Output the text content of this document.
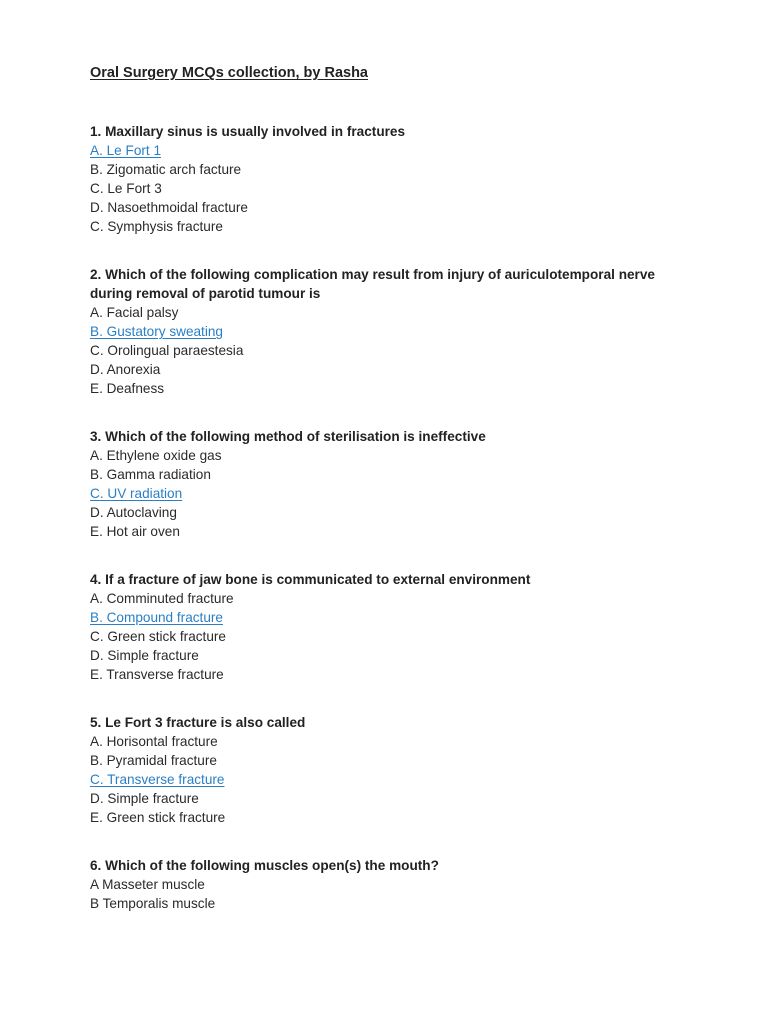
Oral Surgery MCQs collection, by Rasha
1. Maxillary sinus is usually involved in fractures
A. Le Fort 1
B. Zigomatic arch facture
C. Le Fort 3
D. Nasoethmoidal fracture
C. Symphysis fracture
2. Which of the following complication may result from injury of auriculotemporal nerve during removal of parotid tumour is
A. Facial palsy
B. Gustatory sweating
C. Orolingual paraestesia
D. Anorexia
E. Deafness
3. Which of the following method of sterilisation is ineffective
A. Ethylene oxide gas
B. Gamma radiation
C. UV radiation
D. Autoclaving
E. Hot air oven
4. If a fracture of jaw bone is communicated to external environment
A. Comminuted fracture
B. Compound fracture
C. Green stick fracture
D. Simple fracture
E. Transverse fracture
5. Le Fort 3 fracture is also called
A. Horisontal fracture
B. Pyramidal fracture
C. Transverse fracture
D. Simple fracture
E. Green stick fracture
6. Which of the following muscles open(s) the mouth?
A Masseter muscle
B Temporalis muscle
